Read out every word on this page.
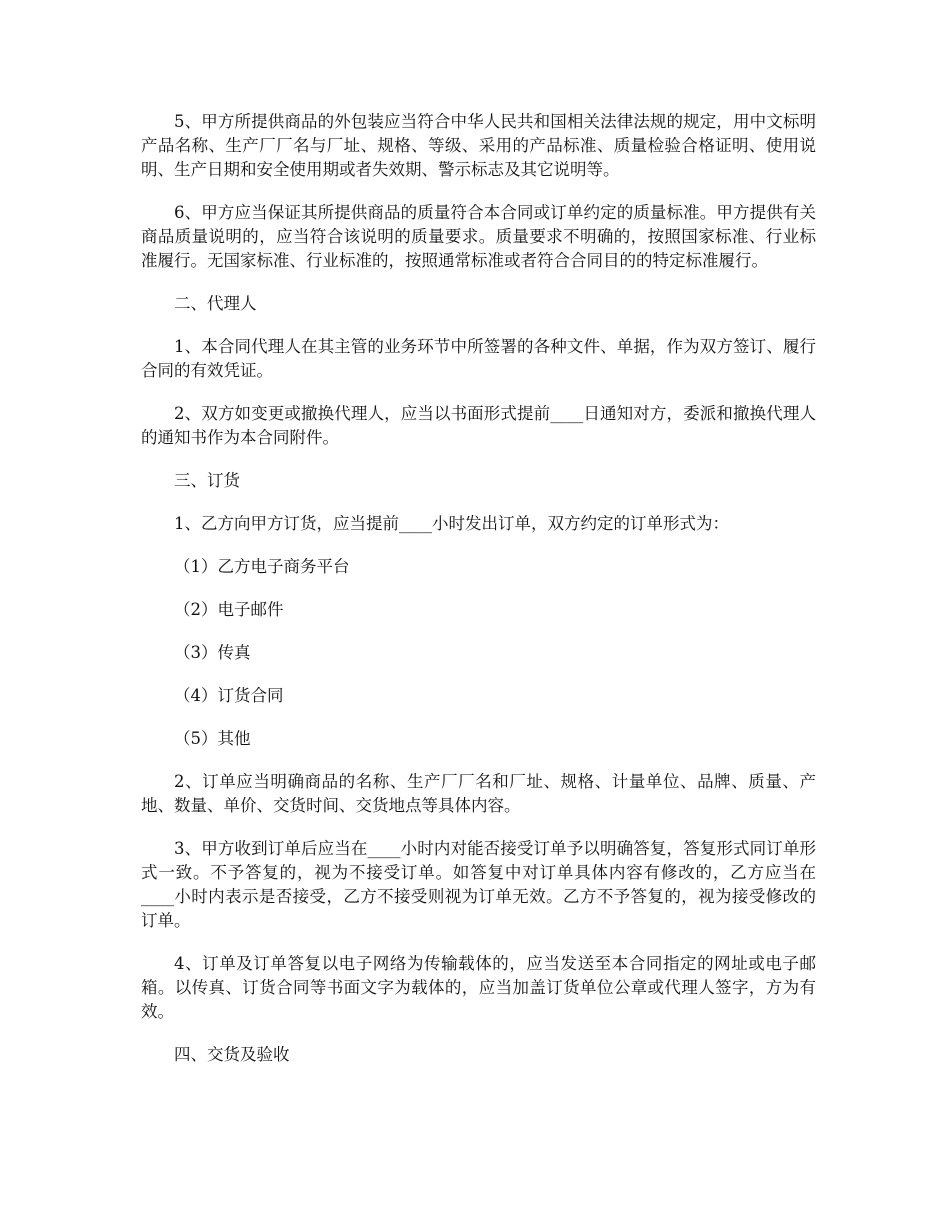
5、甲方所提供商品的外包装应当符合中华人民共和国相关法律法规的规定，用中文标明产品名称、生产厂厂名与厂址、规格、等级、采用的产品标准、质量检验合格证明、使用说明、生产日期和安全使用期或者失效期、警示标志及其它说明等。

6、甲方应当保证其所提供商品的质量符合本合同或订单约定的质量标准。甲方提供有关商品质量说明的，应当符合该说明的质量要求。质量要求不明确的，按照国家标准、行业标准履行。无国家标准、行业标准的，按照通常标准或者符合合同目的的特定标准履行。

二、代理人

1、本合同代理人在其主管的业务环节中所签署的各种文件、单据，作为双方签订、履行合同的有效凭证。

2、双方如变更或撤换代理人，应当以书面形式提前____日通知对方，委派和撤换代理人的通知书作为本合同附件。

三、订货

1、乙方向甲方订货，应当提前____小时发出订单，双方约定的订单形式为：

（1）乙方电子商务平台

（2）电子邮件

（3）传真

（4）订货合同

（5）其他

2、订单应当明确商品的名称、生产厂厂名和厂址、规格、计量单位、品牌、质量、产地、数量、单价、交货时间、交货地点等具体内容。

3、甲方收到订单后应当在____小时内对能否接受订单予以明确答复，答复形式同订单形式一致。不予答复的，视为不接受订单。如答复中对订单具体内容有修改的，乙方应当在____小时内表示是否接受，乙方不接受则视为订单无效。乙方不予答复的，视为接受修改的订单。

4、订单及订单答复以电子网络为传输载体的，应当发送至本合同指定的网址或电子邮箱。以传真、订货合同等书面文字为载体的，应当加盖订货单位公章或代理人签字，方为有效。

四、交货及验收
